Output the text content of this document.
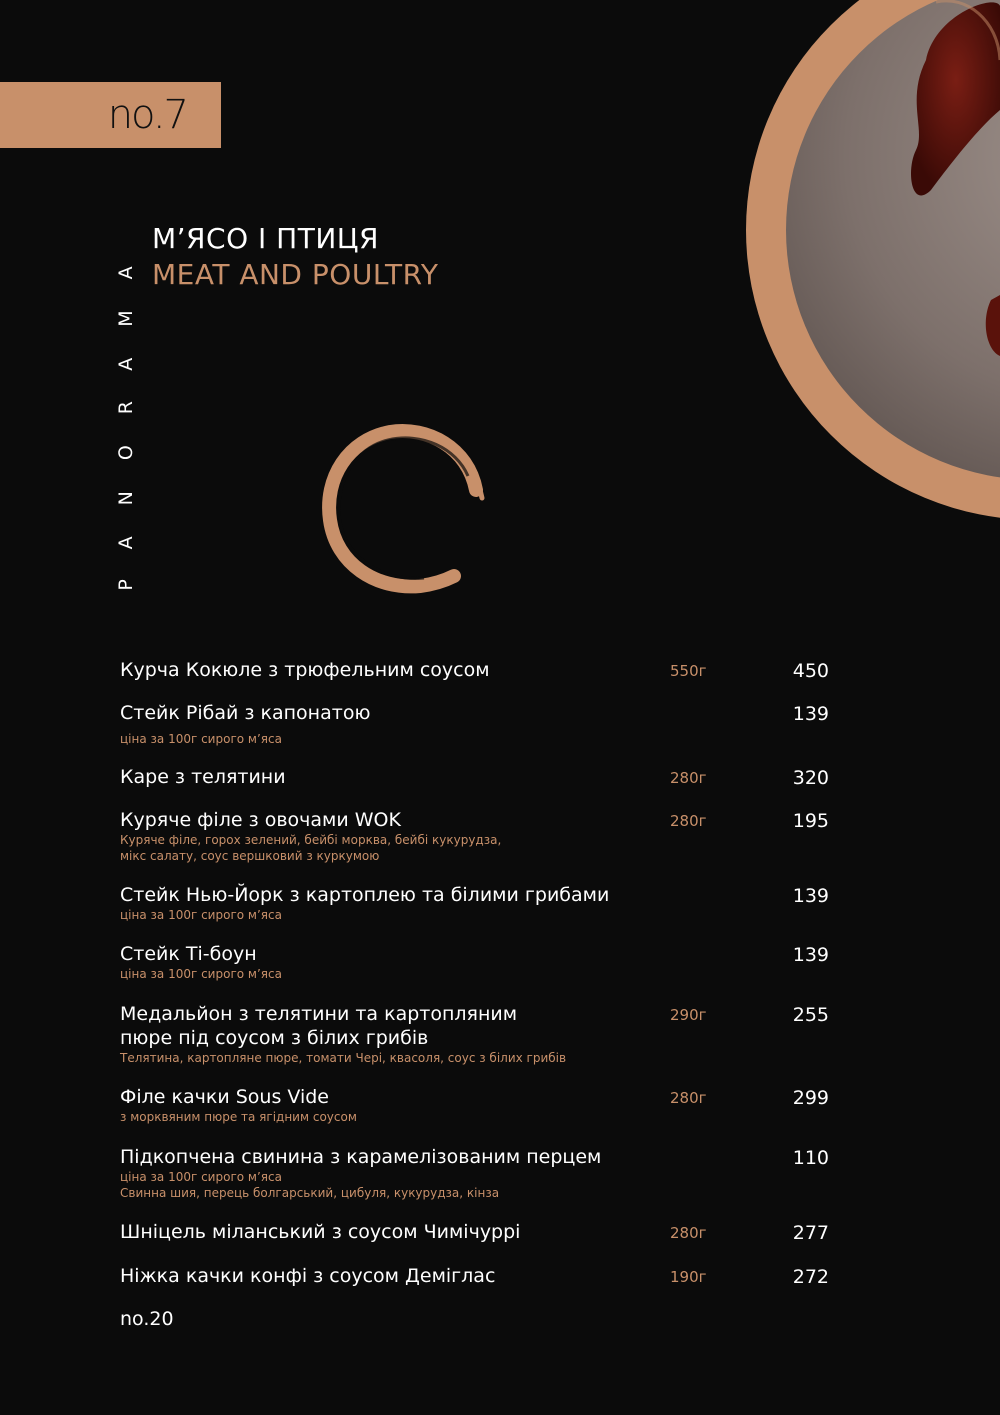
no.7
PANORAMA М’ЯСО І ПТИЦЯ
MEAT AND POULTRY
Курча Кокюле з трюфельним соусом	550г	450
Стейк Рібай з капонатою	139
ціна за 100г сирого м’яса
Каре з телятини	280г	320
Куряче філе з овочами WOK	280г	195
Куряче філе, горох зелений, бейбі морква, бейбі кукурудза,
мікс салату, соус вершковий з куркумою
Стейк Нью-Йорк з картоплею та білими грибами	139
ціна за 100г сирого м’яса
Стейк Ті-боун	139
ціна за 100г сирого м’яса
Медальйон з телятини та картопляним
пюре під соусом з білих грибів
290г	255
Телятина, картопляне пюре, томати Чері, квасоля, соус з білих грибів
Філе качки Sous Vide	280г	299
з морквяним пюре та ягідним соусом
Підкопчена свинина з карамелізованим перцем	110
ціна за 100г сирого м’яса
Свинна шия, перець болгарський, цибуля, кукурудза, кінза
Шніцель міланський з соусом Чимічуррі	280г	277
Ніжка качки конфі з соусом Деміглас	190г	272
no.20
